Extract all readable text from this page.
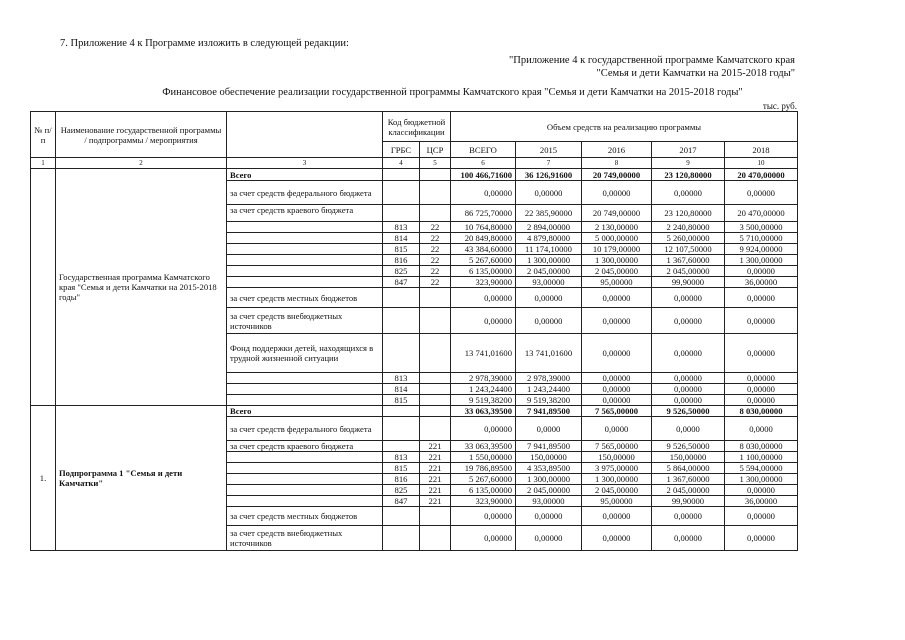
7. Приложение 4 к Программе изложить в следующей редакции:
"Приложение 4 к государственной программе Камчатского края
"Семья и дети Камчатки на 2015-2018 годы"
Финансовое обеспечение реализации государственной программы Камчатского края "Семья и дети Камчатки на 2015-2018 годы"
тыс. руб.
№ п/п	Наименование государственной программы / подпрограммы / мероприятия		Код бюджетной классификации		Объем средств на реализацию программы				
			ГРБС	ЦСР	ВСЕГО	2015	2016	2017	2018
1	2	3	4	5	6	7	8	9	10
	Государственная программа Камчатского края "Семья и дети Камчатки на 2015-2018 годы"	Всего			100 466,71600	36 126,91600	20 749,00000	23 120,80000	20 470,00000
		за счет средств федерального бюджета			0,00000	0,00000	0,00000	0,00000	0,00000
		за счет средств краевого бюджета			86 725,70000	22 385,90000	20 749,00000	23 120,80000	20 470,00000
			813	22	10 764,80000	2 894,00000	2 130,00000	2 240,80000	3 500,00000
			814	22	20 849,80000	4 879,80000	5 000,00000	5 260,00000	5 710,00000
			815	22	43 384,60000	11 174,10000	10 179,00000	12 107,50000	9 924,00000
			816	22	5 267,60000	1 300,00000	1 300,00000	1 367,60000	1 300,00000
			825	22	6 135,00000	2 045,00000	2 045,00000	2 045,00000	0,00000
			847	22	323,90000	93,00000	95,00000	99,90000	36,00000
		за счет средств местных бюджетов			0,00000	0,00000	0,00000	0,00000	0,00000
		за счет средств внебюджетных источников			0,00000	0,00000	0,00000	0,00000	0,00000
		Фонд поддержки детей, находящихся в трудной жизненной ситуации			13 741,01600	13 741,01600	0,00000	0,00000	0,00000
			813		2 978,39000	2 978,39000	0,00000	0,00000	0,00000
			814		1 243,24400	1 243,24400	0,00000	0,00000	0,00000
			815		9 519,38200	9 519,38200	0,00000	0,00000	0,00000
1.	Подпрограмма 1 "Семья и дети Камчатки"	Всего			33 063,39500	7 941,89500	7 565,00000	9 526,50000	8 030,00000
		за счет средств федерального бюджета			0,00000	0,0000	0,0000	0,0000	0,0000
		за счет средств краевого бюджета		221	33 063,39500	7 941,89500	7 565,00000	9 526,50000	8 030,00000
			813	221	1 550,00000	150,00000	150,00000	150,00000	1 100,00000
			815	221	19 786,89500	4 353,89500	3 975,00000	5 864,00000	5 594,00000
			816	221	5 267,60000	1 300,00000	1 300,00000	1 367,60000	1 300,00000
			825	221	6 135,00000	2 045,00000	2 045,00000	2 045,00000	0,00000
			847	221	323,90000	93,00000	95,00000	99,90000	36,00000
		за счет средств местных бюджетов			0,00000	0,00000	0,00000	0,00000	0,00000
		за счет средств внебюджетных источников			0,00000	0,00000	0,00000	0,00000	0,00000
